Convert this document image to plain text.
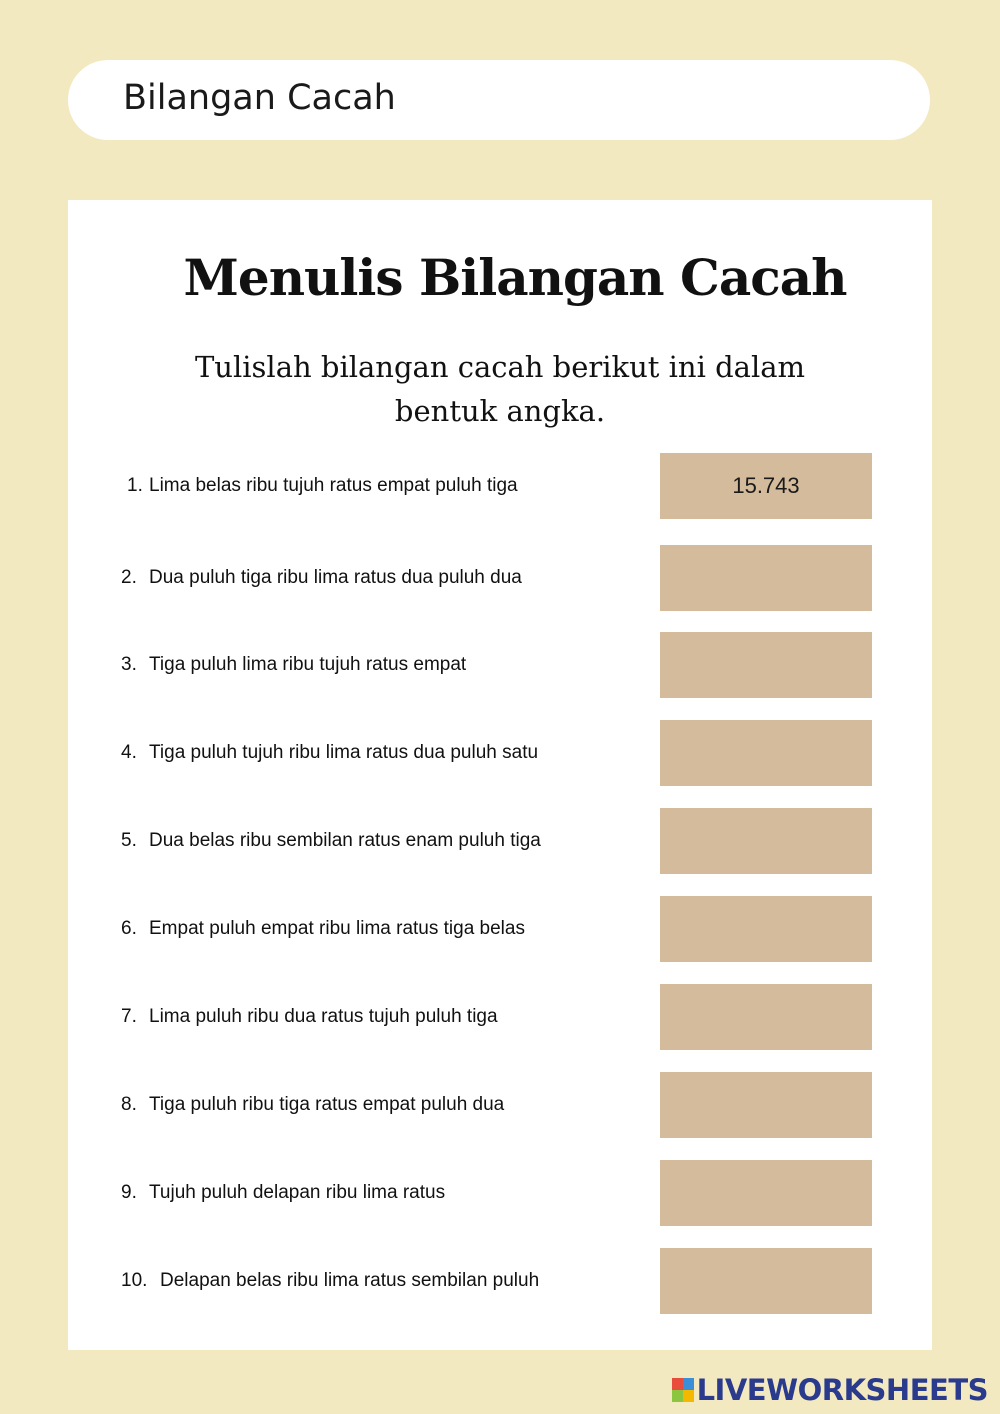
Bilangan Cacah
Menulis Bilangan Cacah
Tulislah bilangan cacah berikut ini dalam
bentuk angka.
1. Lima belas ribu tujuh ratus empat puluh tiga	15.743
2. Dua puluh tiga ribu lima ratus dua puluh dua
3. Tiga puluh lima ribu tujuh ratus empat
4. Tiga puluh tujuh ribu lima ratus dua puluh satu
5. Dua belas ribu sembilan ratus enam puluh tiga
6. Empat puluh empat ribu lima ratus tiga belas
7. Lima puluh ribu dua ratus tujuh puluh tiga
8. Tiga puluh ribu tiga ratus empat puluh dua
9. Tujuh puluh delapan ribu lima ratus
10. Delapan belas ribu lima ratus sembilan puluh
LIVEWORKSHEETS
